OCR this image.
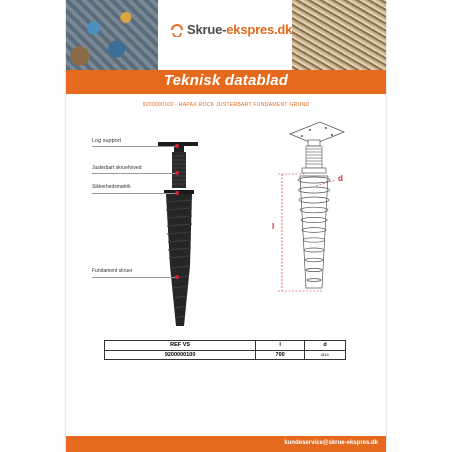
Skrue-ekspres.dk
Teknisk datablad
9200000100 - HAPAX ROCK JUSTERBART FUNDAMENT GRUND
Log support
Justerbart skruehoved
Sikkerhedsmøtrik
Fundament skruer
d
l
REF VS	l	d
9200000100	700	Ø14
kundeservice@skrue-ekspres.dk
